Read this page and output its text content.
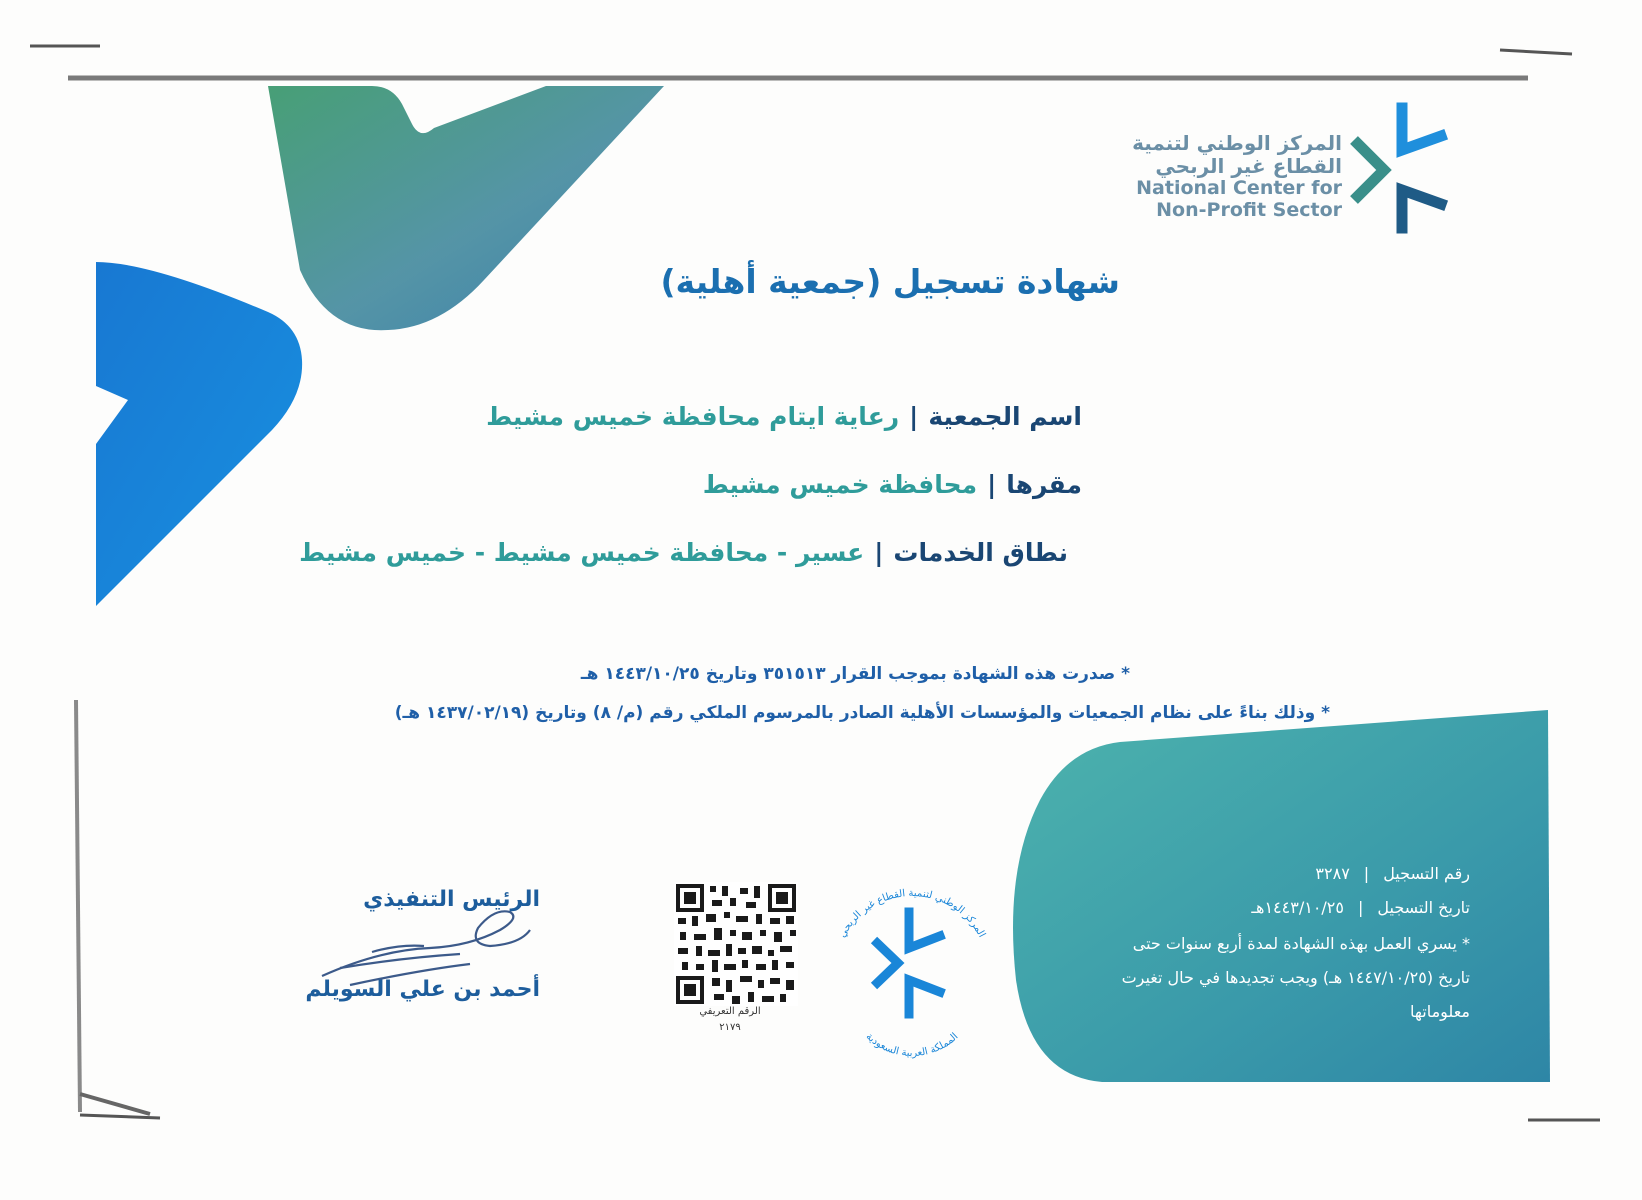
المركز الوطني لتنمية
القطاع غير الربحي
National Center for
Non-Profit Sector
شهادة تسجيل (جمعية أهلية)
اسم الجمعية|رعاية ايتام محافظة خميس مشيط
مقرها|محافظة خميس مشيط
نطاق الخدمات|عسير - محافظة خميس مشيط - خميس مشيط
* صدرت هذه الشهادة بموجب القرار ٣٥١٥١٣ وتاريخ ١٤٤٣/١٠/٢٥ هـ
* وذلك بناءً على نظام الجمعيات والمؤسسات الأهلية الصادر بالمرسوم الملكي رقم (م/ ٨) وتاريخ (١٤٣٧/٠٢/١٩ هـ)
رقم التسجيل|٣٢٨٧
تاريخ التسجيل|١٤٤٣/١٠/٢٥هـ
* يسري العمل بهذه الشهادة لمدة أربع سنوات حتى
تاريخ (١٤٤٧/١٠/٢٥ هـ) ويجب تجديدها في حال تغيرت
معلوماتها
المركز الوطني لتنمية القطاع غير الربحي
المملكة العربية السعودية
الرقم التعريفي
٢١٧٩
الرئيس التنفيذي
أحمد بن علي السويلم
